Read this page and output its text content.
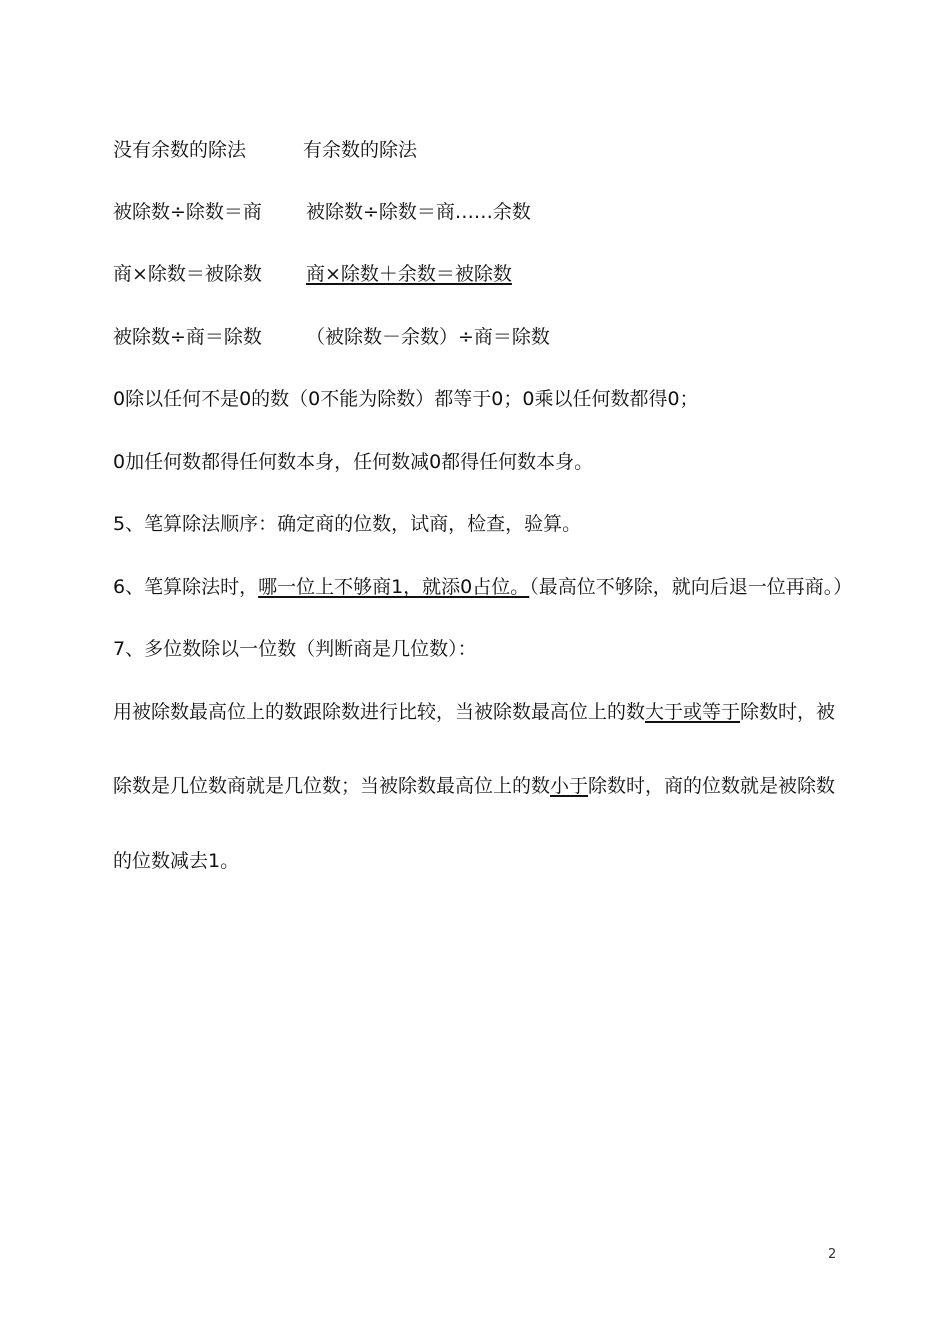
没有余数的除法	有余数的除法
被除数÷除数＝商 被除数÷除数＝商……余数
商×除数＝被除数 商×除数＋余数＝被除数
被除数÷商＝除数 （被除数－余数）÷商＝除数
0除以任何不是0的数（0不能为除数）都等于0；0乘以任何数都得0；
0加任何数都得任何数本身，任何数减0都得任何数本身。
5、笔算除法顺序：确定商的位数，试商，检查，验算。
6、笔算除法时，哪一位上不够商1，就添0占位。（最高位不够除，就向后退一位再商。）
7、多位数除以一位数（判断商是几位数）：
用被除数最高位上的数跟除数进行比较，当被除数最高位上的数大于或等于除数时，被
除数是几位数商就是几位数；当被除数最高位上的数小于除数时，商的位数就是被除数
的位数减去1。
2
